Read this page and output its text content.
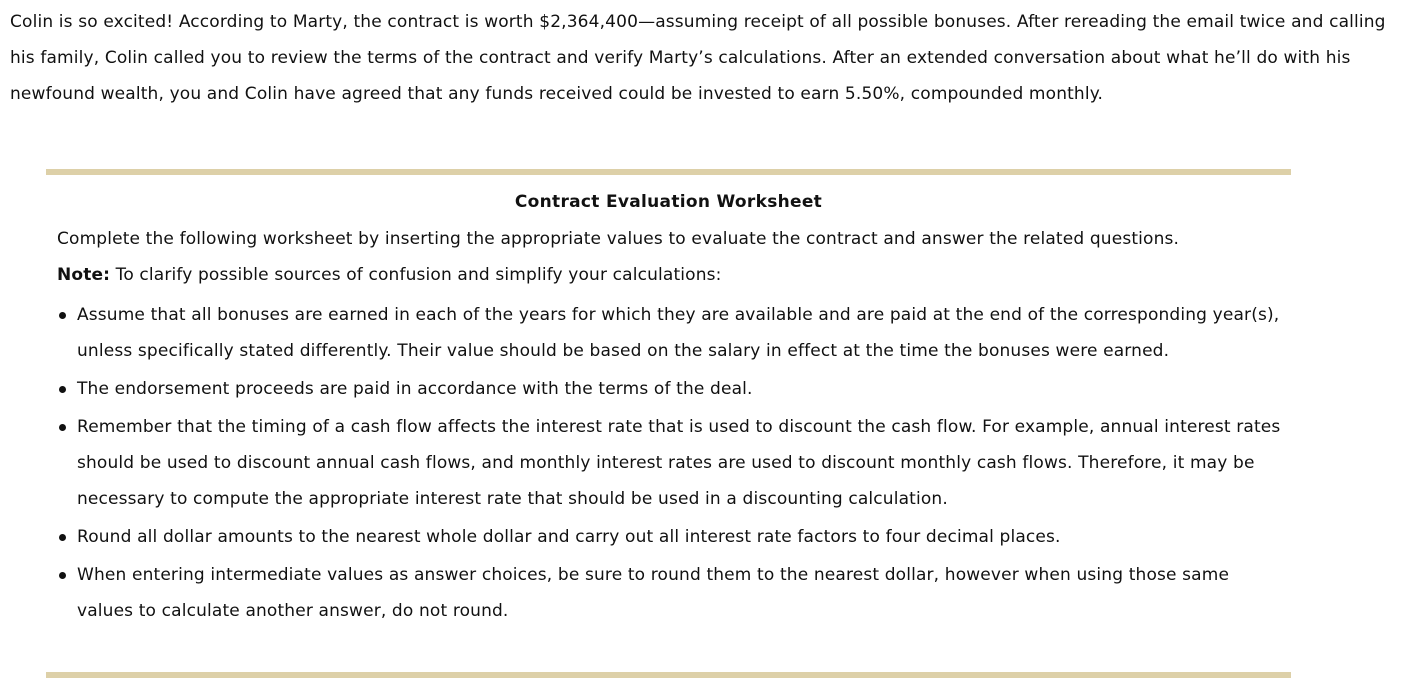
Colin is so excited! According to Marty, the contract is worth $2,364,400—assuming receipt of all possible bonuses. After rereading the email twice and calling his family, Colin called you to review the terms of the contract and verify Marty’s calculations. After an extended conversation about what he’ll do with his newfound wealth, you and Colin have agreed that any funds received could be invested to earn 5.50%, compounded monthly.

Contract Evaluation Worksheet

Complete the following worksheet by inserting the appropriate values to evaluate the contract and answer the related questions.

Note: To clarify possible sources of confusion and simplify your calculations:

Assume that all bonuses are earned in each of the years for which they are available and are paid at the end of the corresponding year(s), unless specifically stated differently. Their value should be based on the salary in effect at the time the bonuses were earned.
The endorsement proceeds are paid in accordance with the terms of the deal.
Remember that the timing of a cash flow affects the interest rate that is used to discount the cash flow. For example, annual interest rates should be used to discount annual cash flows, and monthly interest rates are used to discount monthly cash flows. Therefore, it may be necessary to compute the appropriate interest rate that should be used in a discounting calculation.
Round all dollar amounts to the nearest whole dollar and carry out all interest rate factors to four decimal places.
When entering intermediate values as answer choices, be sure to round them to the nearest dollar, however when using those same values to calculate another answer, do not round.
